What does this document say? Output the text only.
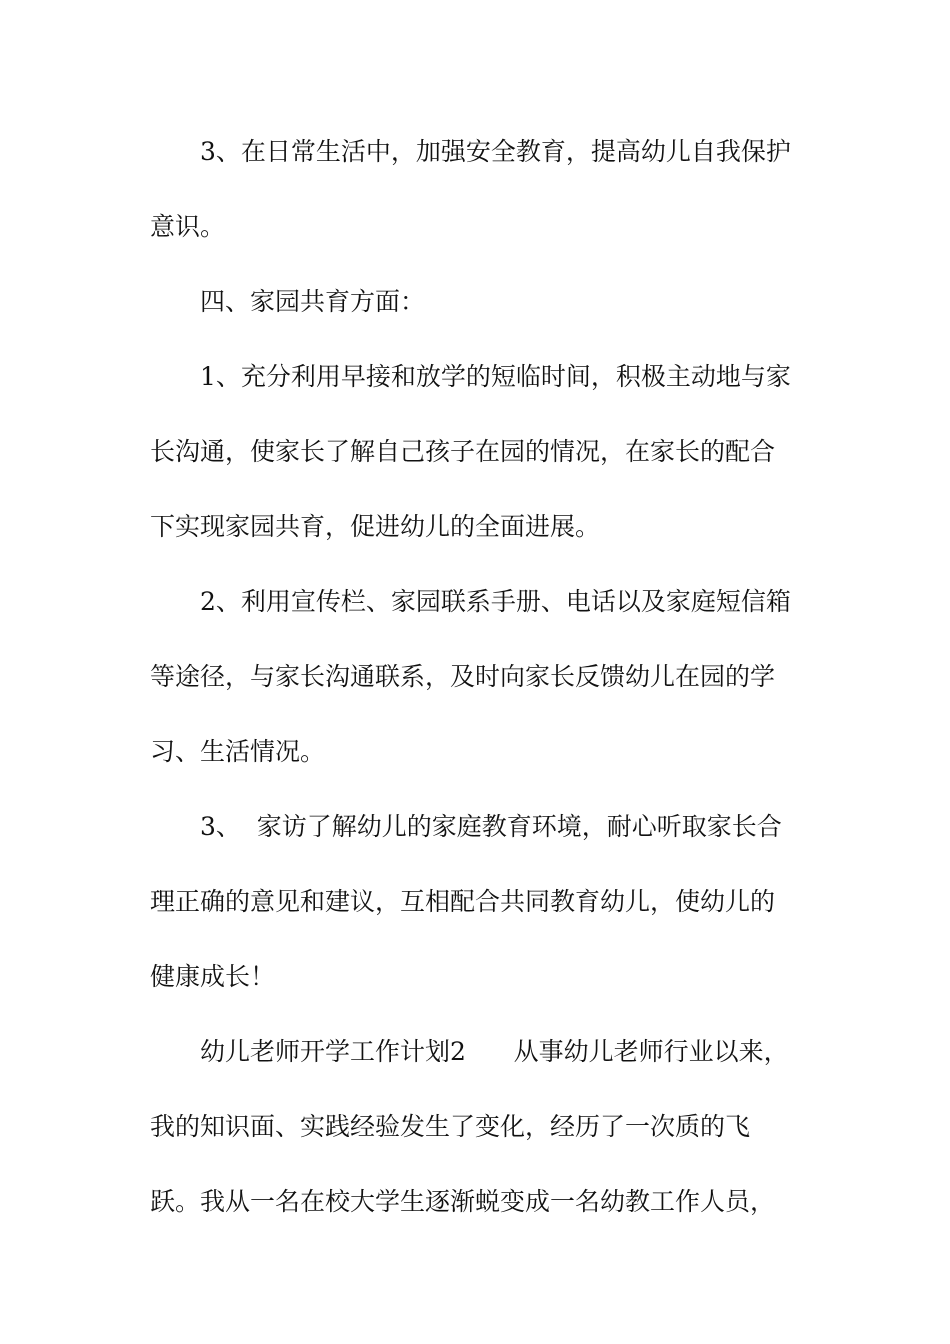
3、在日常生活中，加强安全教育，提高幼儿自我保护
意识。
四、家园共育方面：
1、充分利用早接和放学的短临时间，积极主动地与家
长沟通，使家长了解自己孩子在园的情况，在家长的配合
下实现家园共育，促进幼儿的全面进展。
2、利用宣传栏、家园联系手册、电话以及家庭短信箱
等途径，与家长沟通联系，及时向家长反馈幼儿在园的学
习、生活情况。
3、  家访了解幼儿的家庭教育环境，耐心听取家长合
理正确的意见和建议，互相配合共同教育幼儿，使幼儿的
健康成长！
幼儿老师开学工作计划2      从事幼儿老师行业以来，
我的知识面、实践经验发生了变化，经历了一次质的飞
跃。我从一名在校大学生逐渐蜕变成一名幼教工作人员，
